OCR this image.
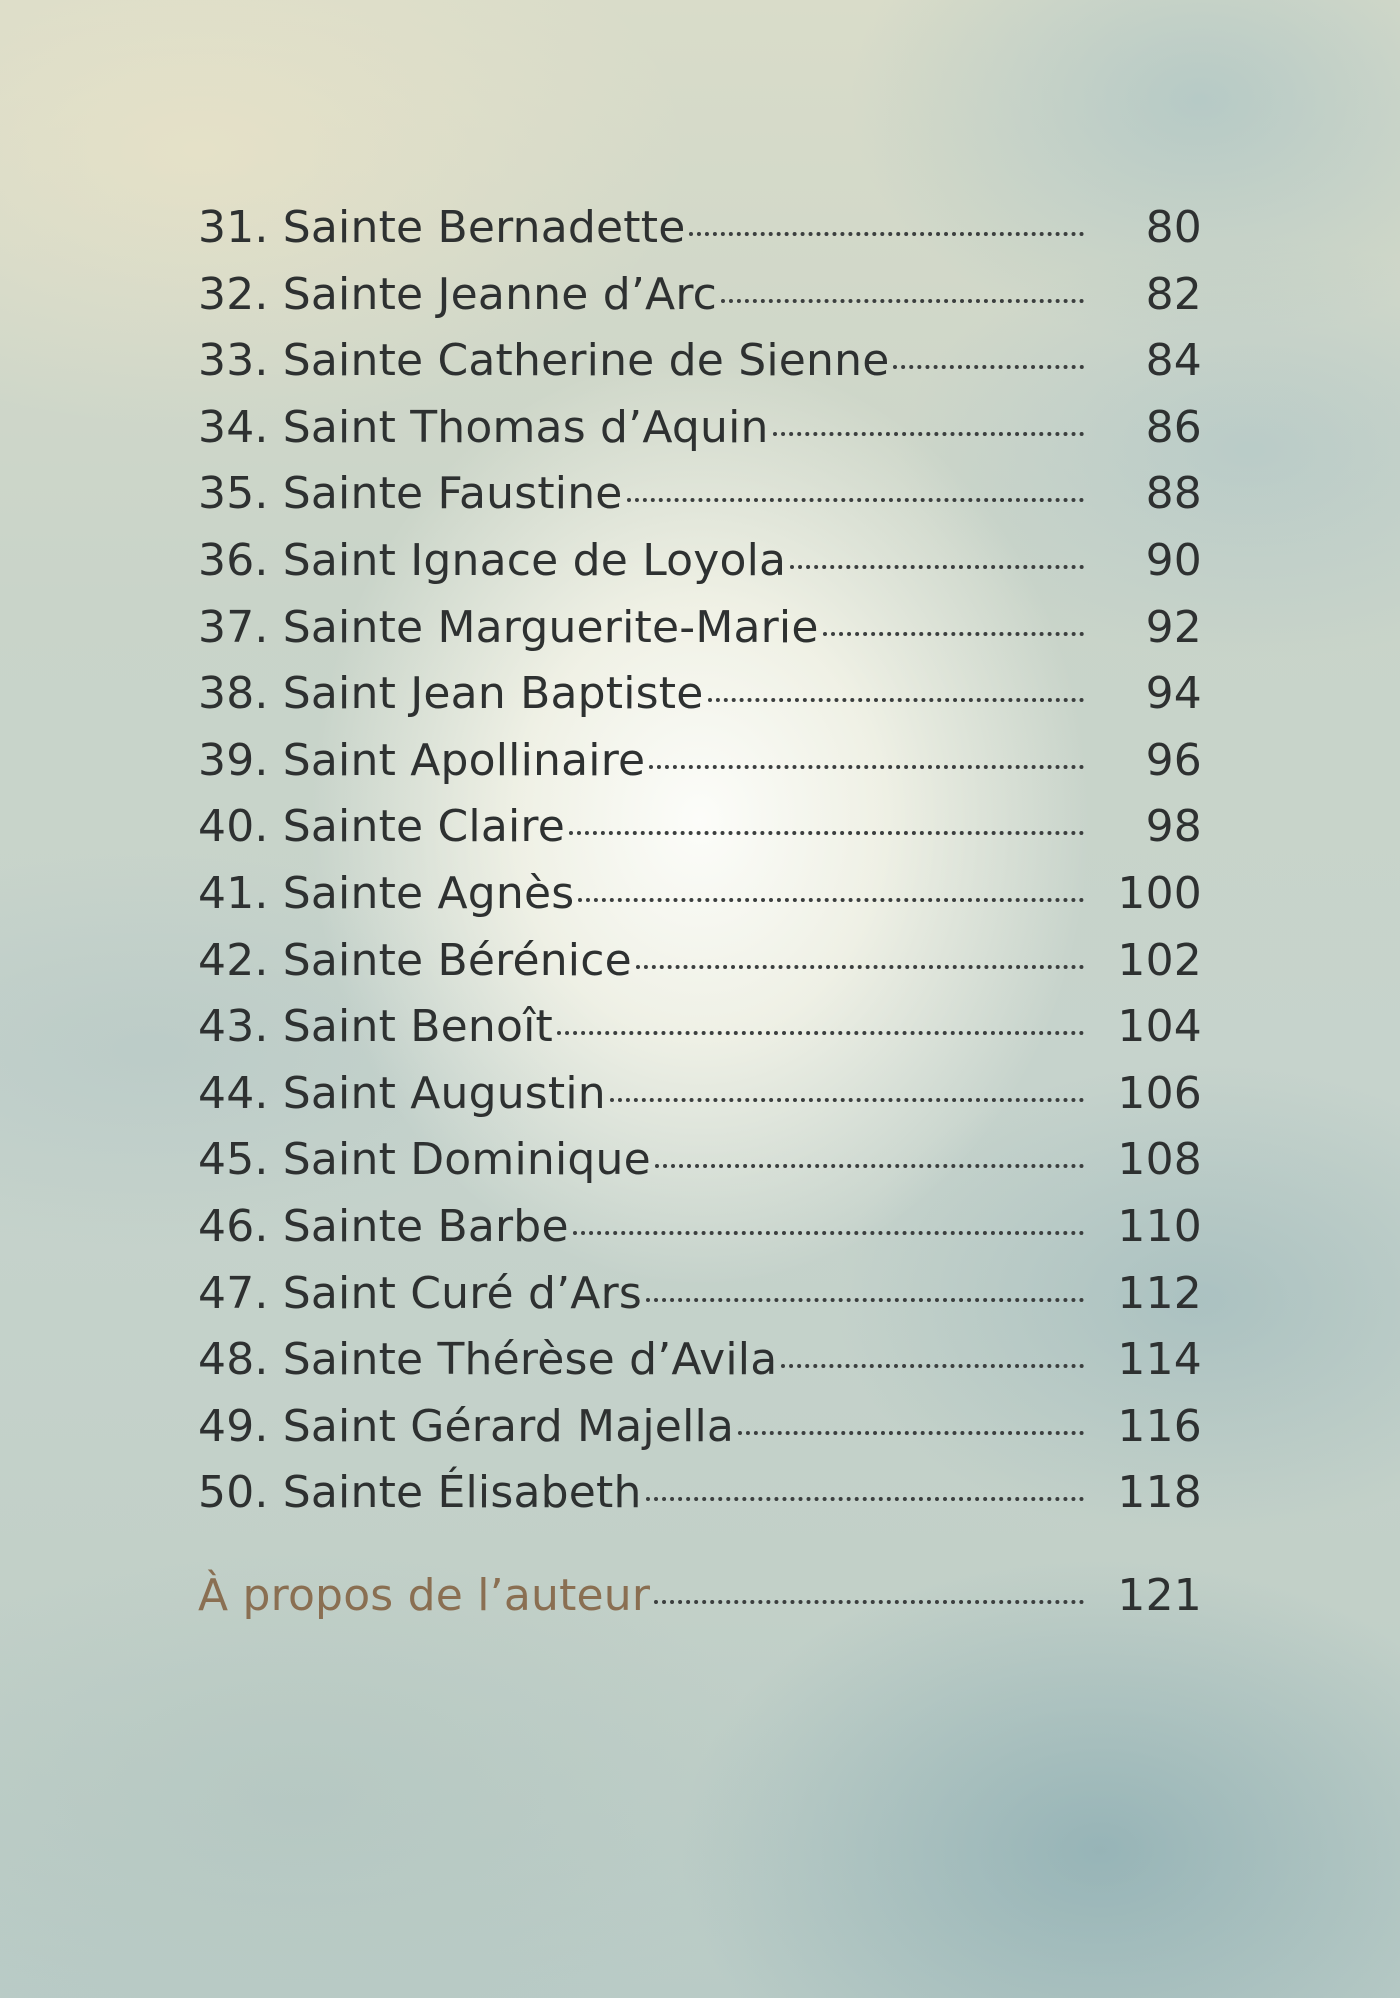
31. Sainte Bernadette	80
32. Sainte Jeanne d’Arc	82
33. Sainte Catherine de Sienne	84
34. Saint Thomas d’Aquin	86
35. Sainte Faustine	88
36. Saint Ignace de Loyola	90
37. Sainte Marguerite-Marie	92
38. Saint Jean Baptiste	94
39. Saint Apollinaire	96
40. Sainte Claire	98
41. Sainte Agnès	100
42. Sainte Bérénice	102
43. Saint Benoît	104
44. Saint Augustin	106
45. Saint Dominique	108
46. Sainte Barbe	110
47. Saint Curé d’Ars	112
48. Sainte Thérèse d’Avila	114
49. Saint Gérard Majella	116
50. Sainte Élisabeth	118
À propos de l’auteur	121
